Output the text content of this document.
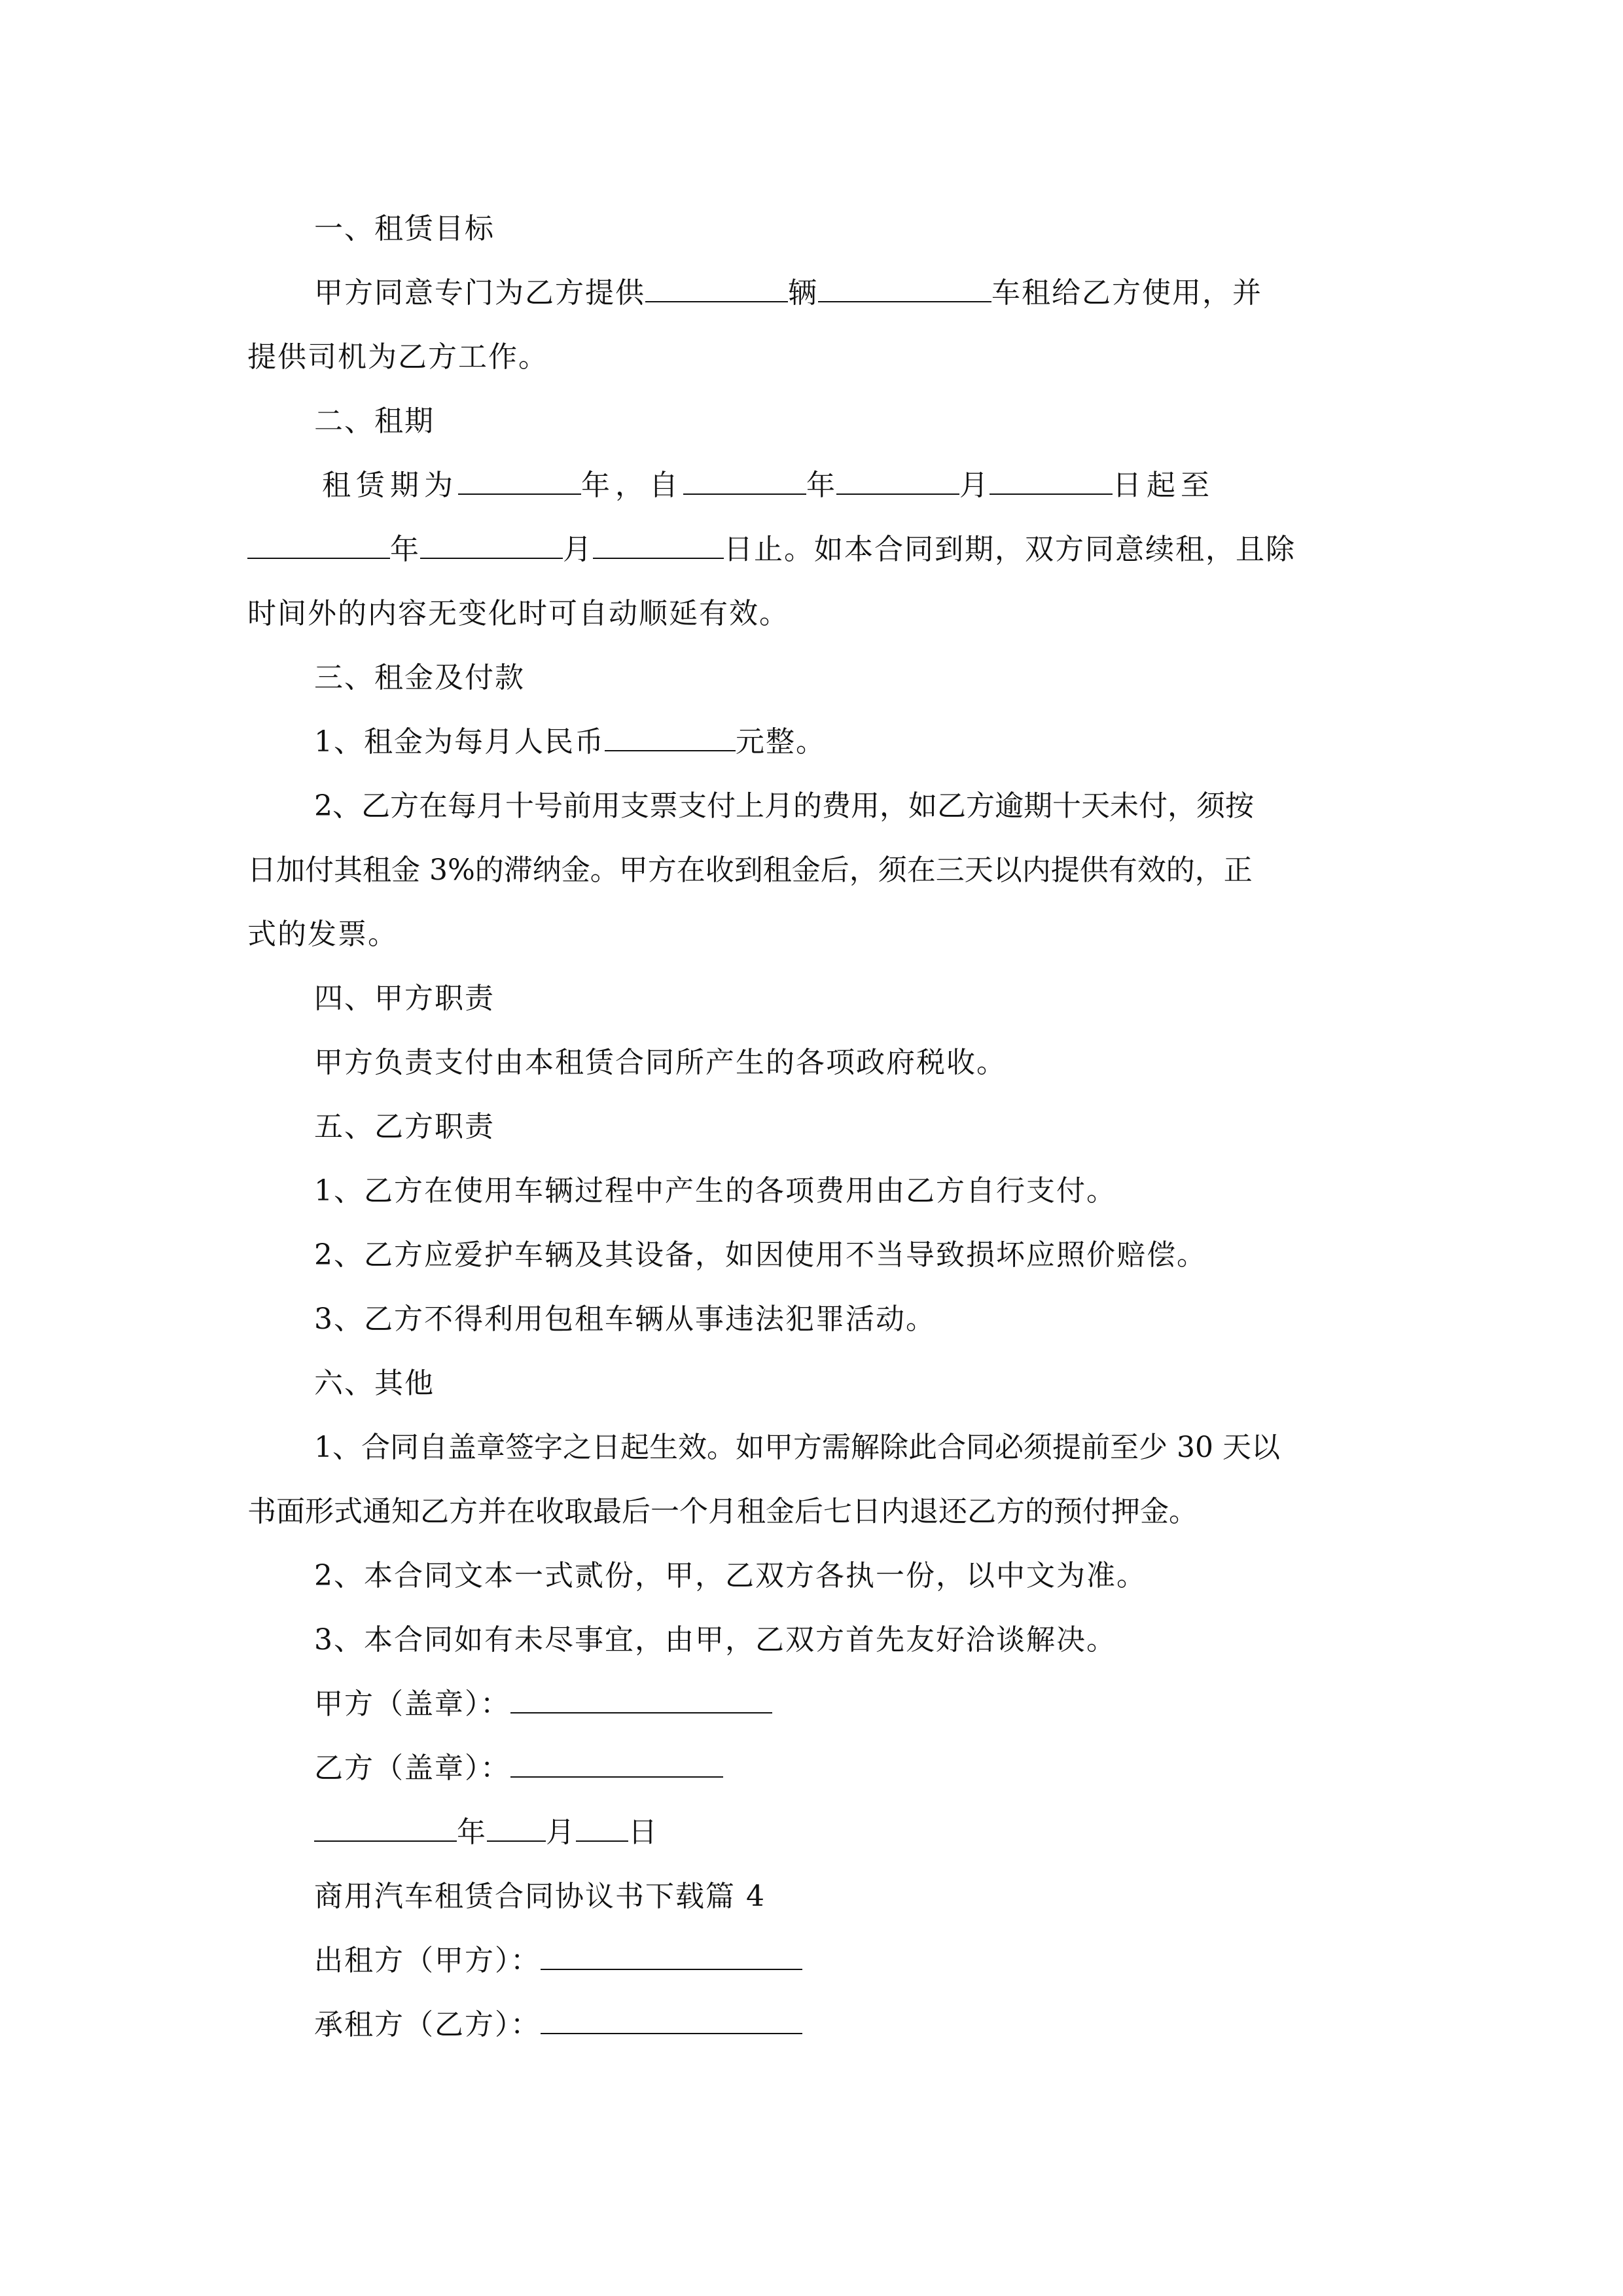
一、租赁目标
甲方同意专门为乙方提供	辆	车租给乙方使用，并
提供司机为乙方工作。
二、租期
租赁期为	年，自	年	月	日起至
年	月	日止。如本合同到期，双方同意续租，且除
时间外的内容无变化时可自动顺延有效。
三、租金及付款
1、租金为每月人民币	元整。
2、乙方在每月十号前用支票支付上月的费用，如乙方逾期十天未付，须按
日加付其租金 3%的滞纳金。甲方在收到租金后，须在三天以内提供有效的，正
式的发票。
四、甲方职责
甲方负责支付由本租赁合同所产生的各项政府税收。
五、乙方职责
1、乙方在使用车辆过程中产生的各项费用由乙方自行支付。
2、乙方应爱护车辆及其设备，如因使用不当导致损坏应照价赔偿。
3、乙方不得利用包租车辆从事违法犯罪活动。
六、其他
1、合同自盖章签字之日起生效。如甲方需解除此合同必须提前至少 30 天以
书面形式通知乙方并在收取最后一个月租金后七日内退还乙方的预付押金。
2、本合同文本一式贰份，甲，乙双方各执一份，以中文为准。
3、本合同如有未尽事宜，由甲，乙双方首先友好洽谈解决。
甲方（盖章）：
乙方（盖章）：
年 月 日
商用汽车租赁合同协议书下载篇 4
出租方（甲方）：
承租方（乙方）：
